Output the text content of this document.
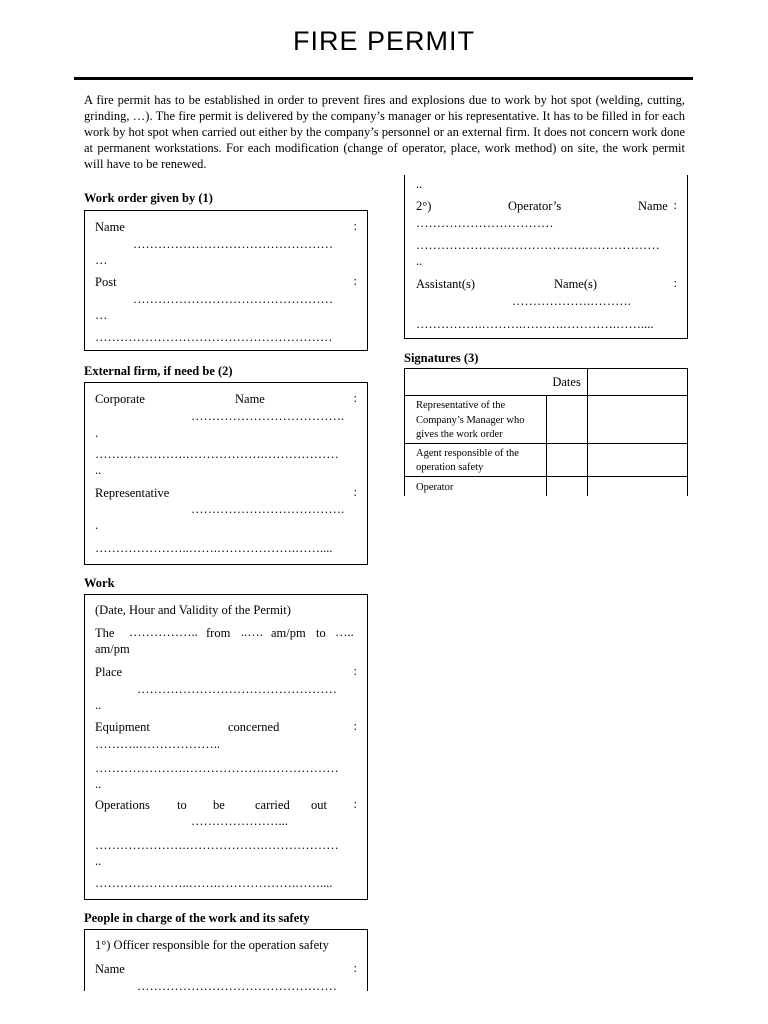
FIRE PERMIT
A fire permit has to be established in order to prevent fires and explosions due to work by hot spot (welding, cutting, grinding, …). The fire permit is delivered by the company’s manager or his representative. It has to be filled in for each work by hot spot when carried out either by the company’s personnel or an external firm. It does not concern work done at permanent workstations. For each modification (change of operator, place, work method) on site, the work permit will have to be renewed.
Work order given by (1)
Name	:
…………………………………………
…
Post	:
…………………………………………
…
…………………………………………………
External firm, if need be (2)
Corporate	Name	:
……………………………….
.
………………….……………….………………
..
Representative	:
……………………………….
.
…………………..…….……………….……....
Work
(Date, Hour and Validity of the Permit)
The …………….. from ..…. am/pm to …..
am/pm
Place	:
…………………………………………
..
Equipment	concerned	:
………..………………..
………………….……………….………………
..
Operations to be carried out :
…………………...
………………….……………….………………
..
…………………..…….……………….……....
People in charge of the work and its safety
1°) Officer responsible for the operation safety
Name	:
…………………………………………
..
2°)	Operator’s	Name :
……………………………
………………….……………….………………
..
Assistant(s)	Name(s)	:
……………….……….
…………….……….……….………….……....
Signatures (3)
	Dates	
Representative of the Company’s Manager who gives the work order		
Agent responsible of the operation safety		
Operator		
